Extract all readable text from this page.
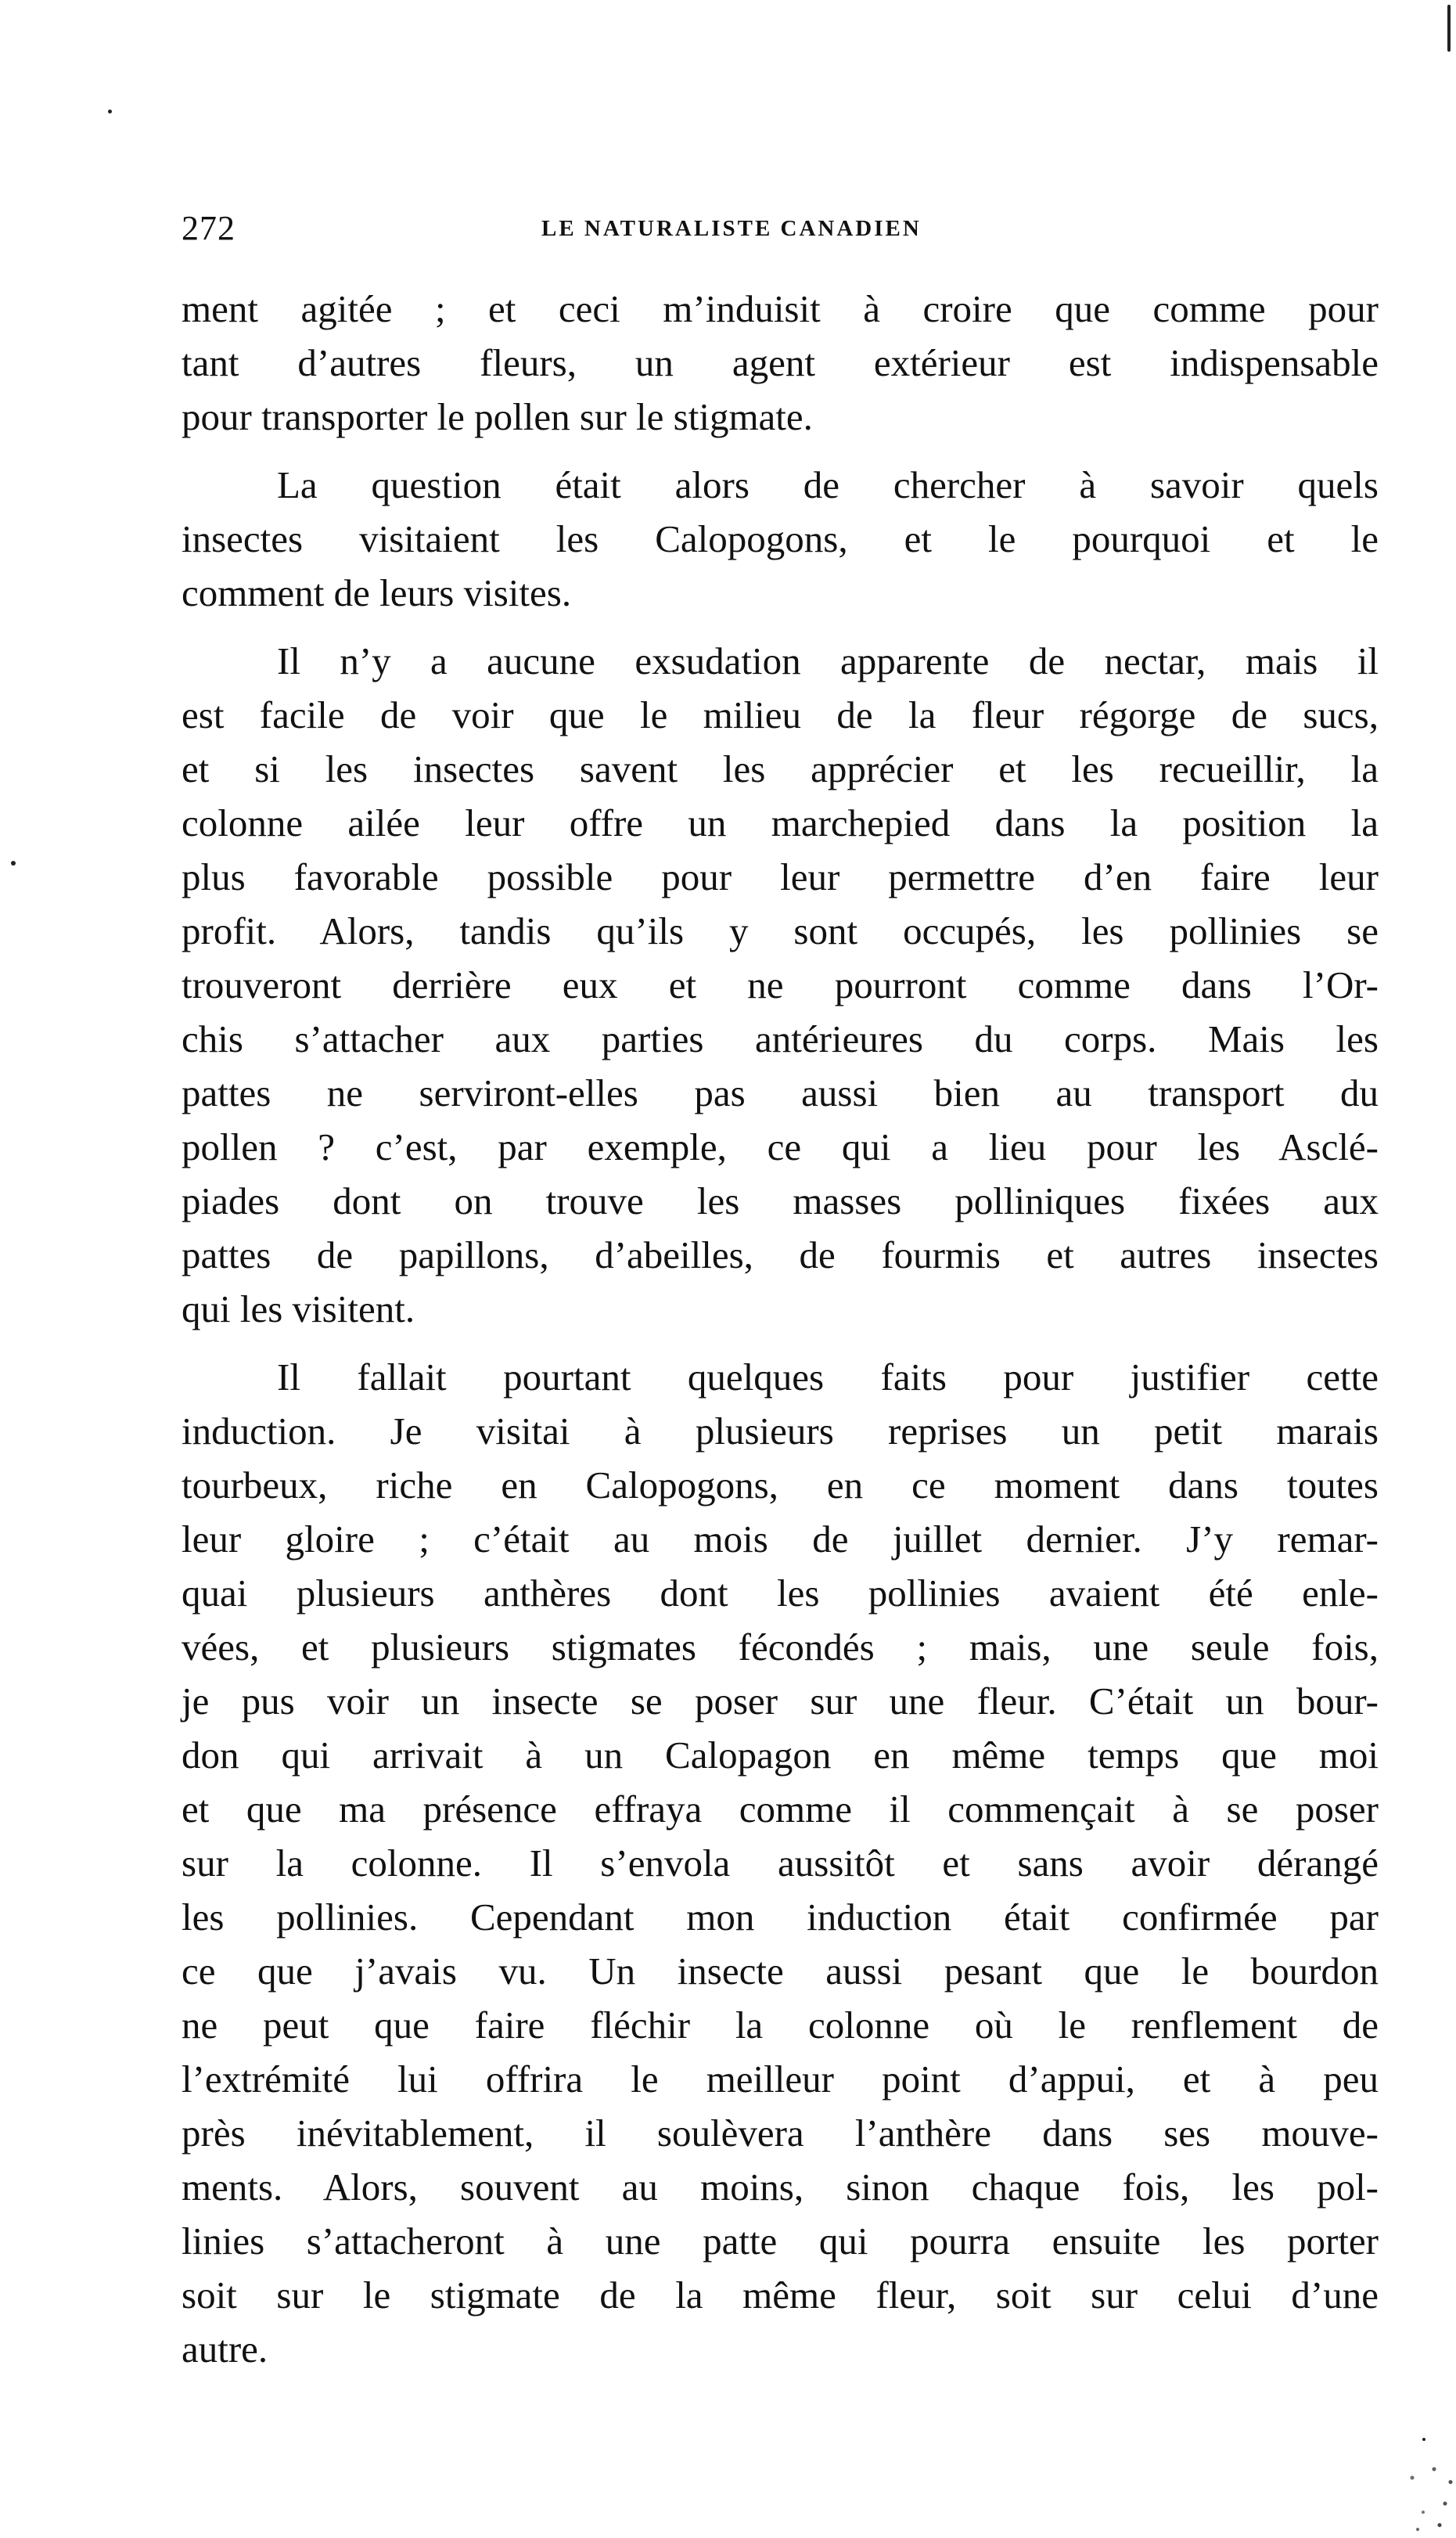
272	LE NATURALISTE CANADIEN

ment agitée ; et ceci m’induisit à croire que comme pour
tant d’autres fleurs, un agent extérieur est indispensable
pour transporter le pollen sur le stigmate.

La question était alors de chercher à savoir quels
insectes visitaient les Calopogons, et le pourquoi et le
comment de leurs visites.

Il n’y a aucune exsudation apparente de nectar, mais il
est facile de voir que le milieu de la fleur régorge de sucs,
et si les insectes savent les apprécier et les recueillir, la
colonne ailée leur offre un marchepied dans la position la
plus favorable possible pour leur permettre d’en faire leur
profit. Alors, tandis qu’ils y sont occupés, les pollinies se
trouveront derrière eux et ne pourront comme dans l’Or-
chis s’attacher aux parties antérieures du corps. Mais les
pattes ne serviront-elles pas aussi bien au transport du
pollen ? c’est, par exemple, ce qui a lieu pour les Asclé-
piades dont on trouve les masses polliniques fixées aux
pattes de papillons, d’abeilles, de fourmis et autres insectes
qui les visitent.

Il fallait pourtant quelques faits pour justifier cette
induction. Je visitai à plusieurs reprises un petit marais
tourbeux, riche en Calopogons, en ce moment dans toutes
leur gloire ; c’était au mois de juillet dernier. J’y remar-
quai plusieurs anthères dont les pollinies avaient été enle-
vées, et plusieurs stigmates fécondés ; mais, une seule fois,
je pus voir un insecte se poser sur une fleur. C’était un bour-
don qui arrivait à un Calopagon en même temps que moi
et que ma présence effraya comme il commençait à se poser
sur la colonne. Il s’envola aussitôt et sans avoir dérangé
les pollinies. Cependant mon induction était confirmée par
ce que j’avais vu. Un insecte aussi pesant que le bourdon
ne peut que faire fléchir la colonne où le renflement de
l’extrémité lui offrira le meilleur point d’appui, et à peu
près inévitablement, il soulèvera l’anthère dans ses mouve-
ments. Alors, souvent au moins, sinon chaque fois, les pol-
linies s’attacheront à une patte qui pourra ensuite les porter
soit sur le stigmate de la même fleur, soit sur celui d’une
autre.
